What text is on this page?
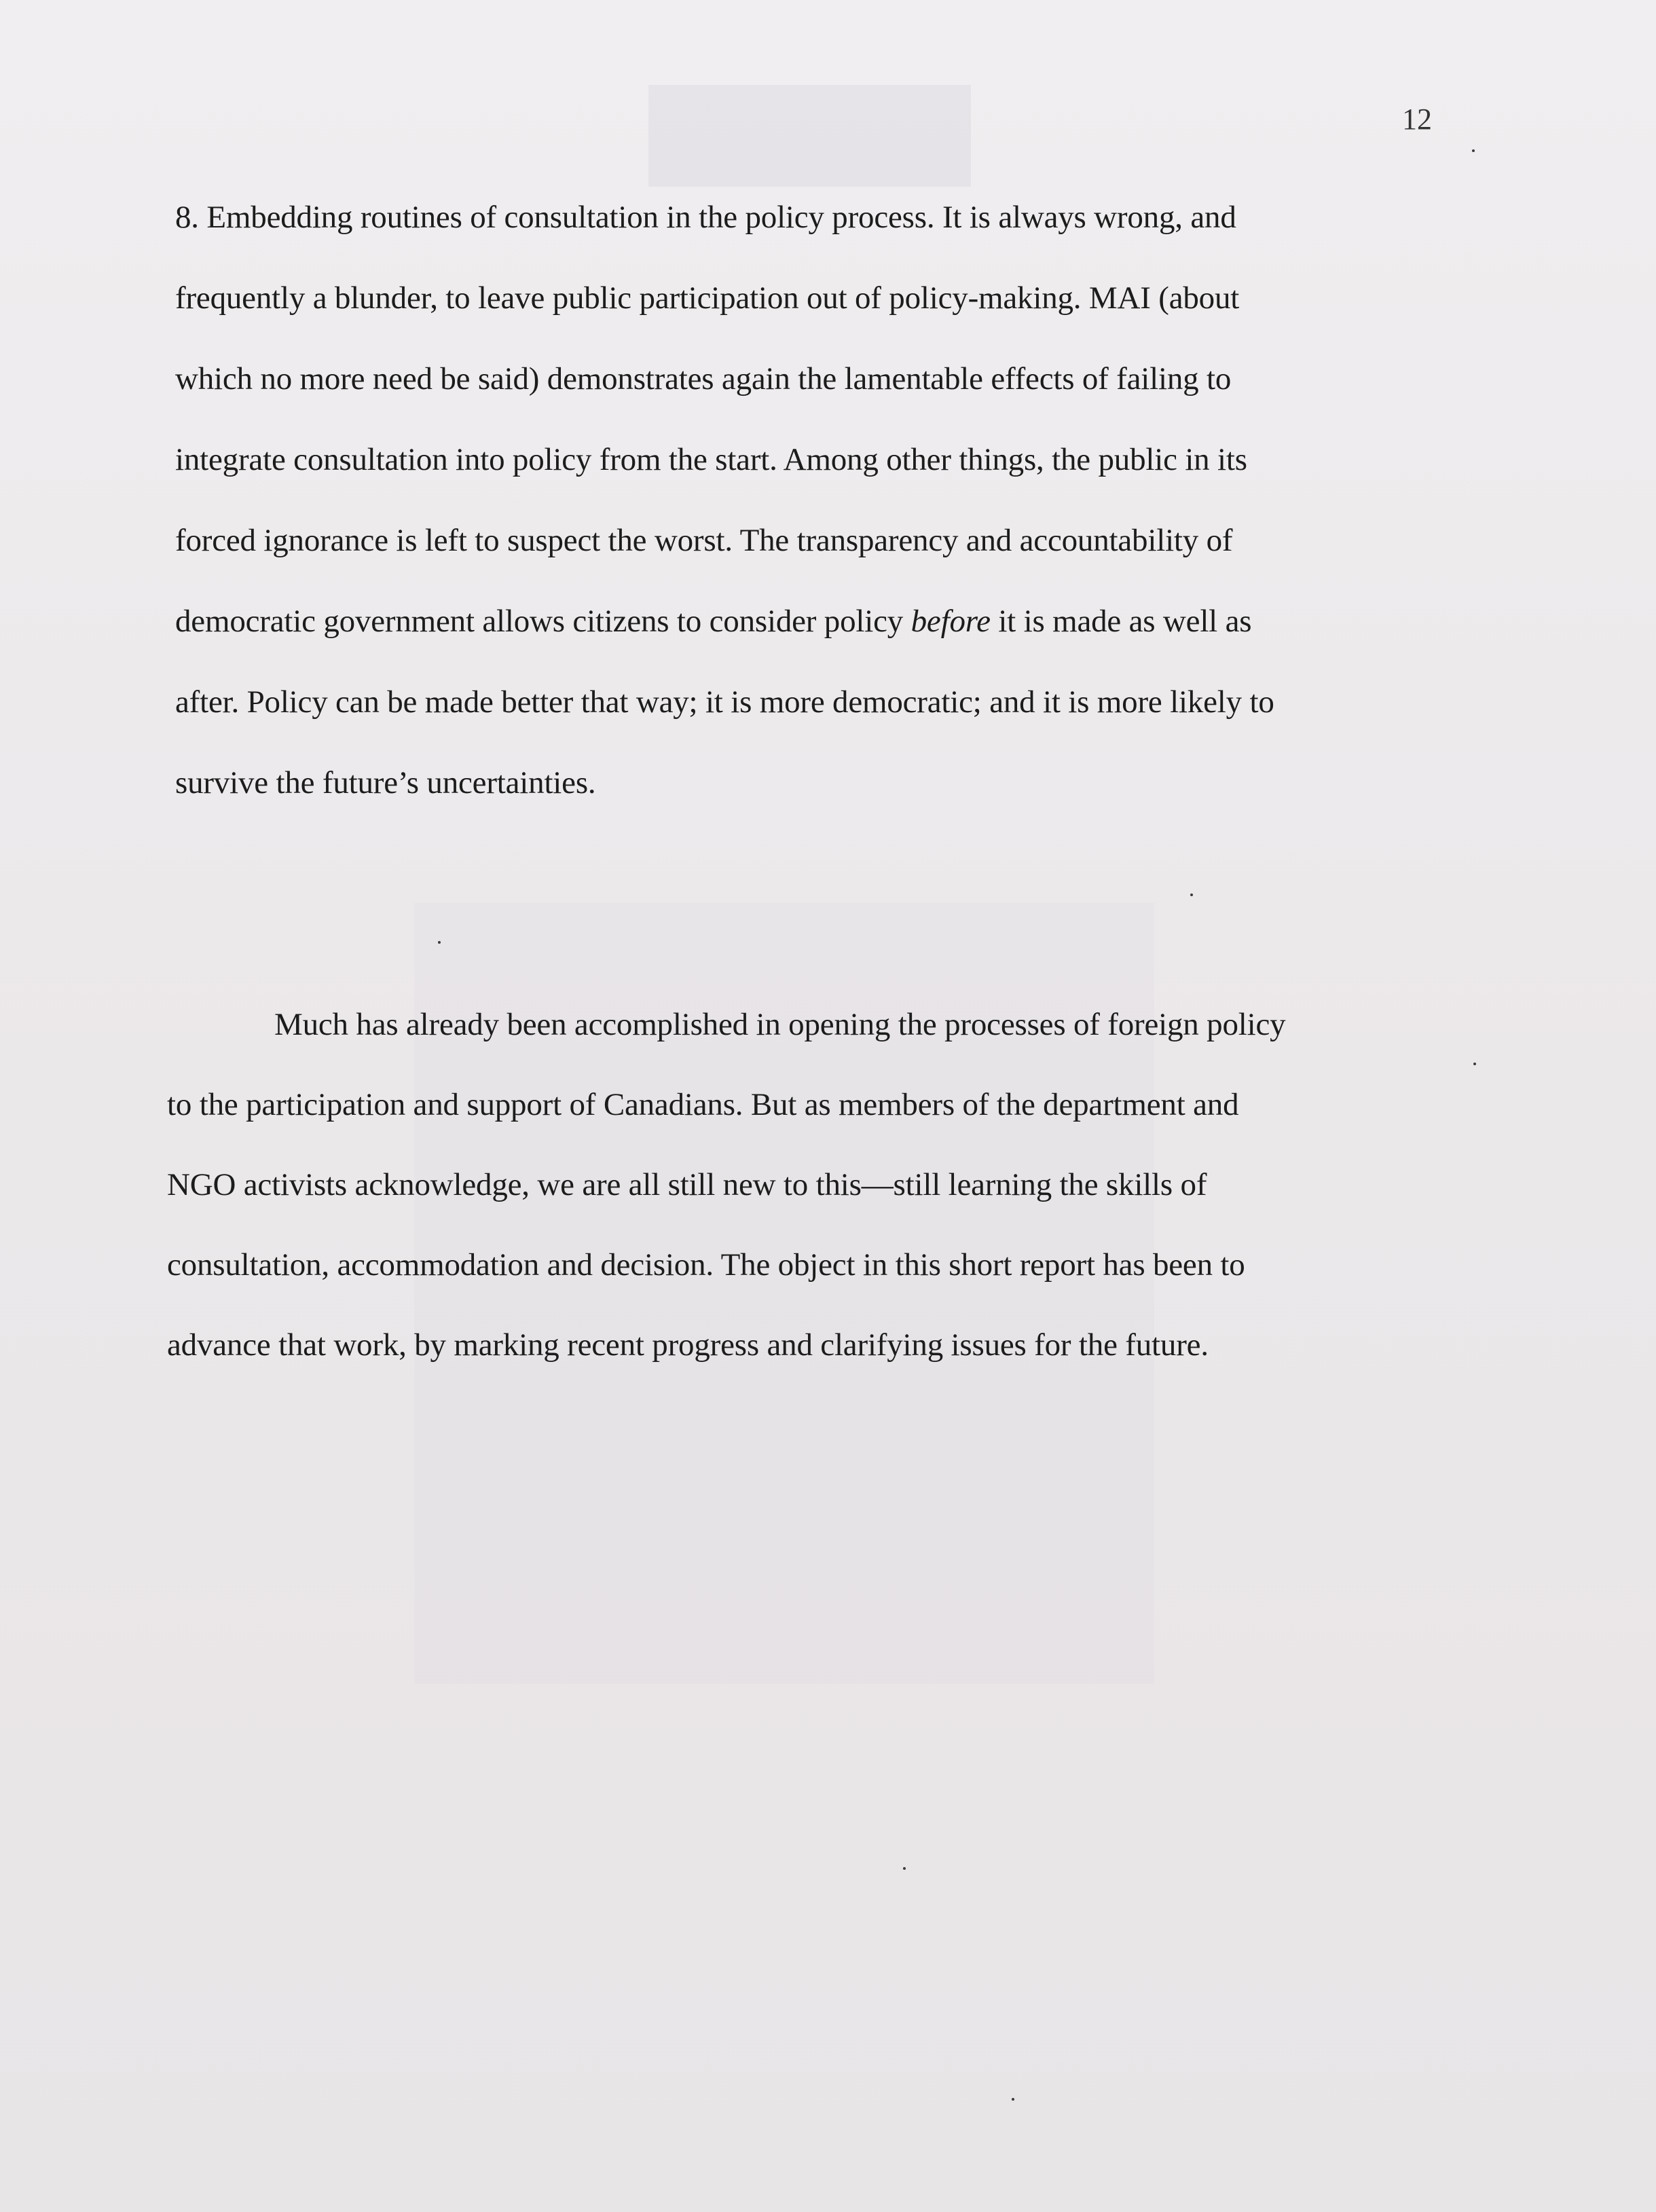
12
8. Embedding routines of consultation in the policy process. It is always wrong, and
frequently a blunder, to leave public participation out of policy-making. MAI (about
which no more need be said) demonstrates again the lamentable effects of failing to
integrate consultation into policy from the start. Among other things, the public in its
forced ignorance is left to suspect the worst. The transparency and accountability of
democratic government allows citizens to consider policy before it is made as well as
after. Policy can be made better that way; it is more democratic; and it is more likely to
survive the future’s uncertainties.
Much has already been accomplished in opening the processes of foreign policy
to the participation and support of Canadians. But as members of the department and
NGO activists acknowledge, we are all still new to this—still learning the skills of
consultation, accommodation and decision. The object in this short report has been to
advance that work, by marking recent progress and clarifying issues for the future.
